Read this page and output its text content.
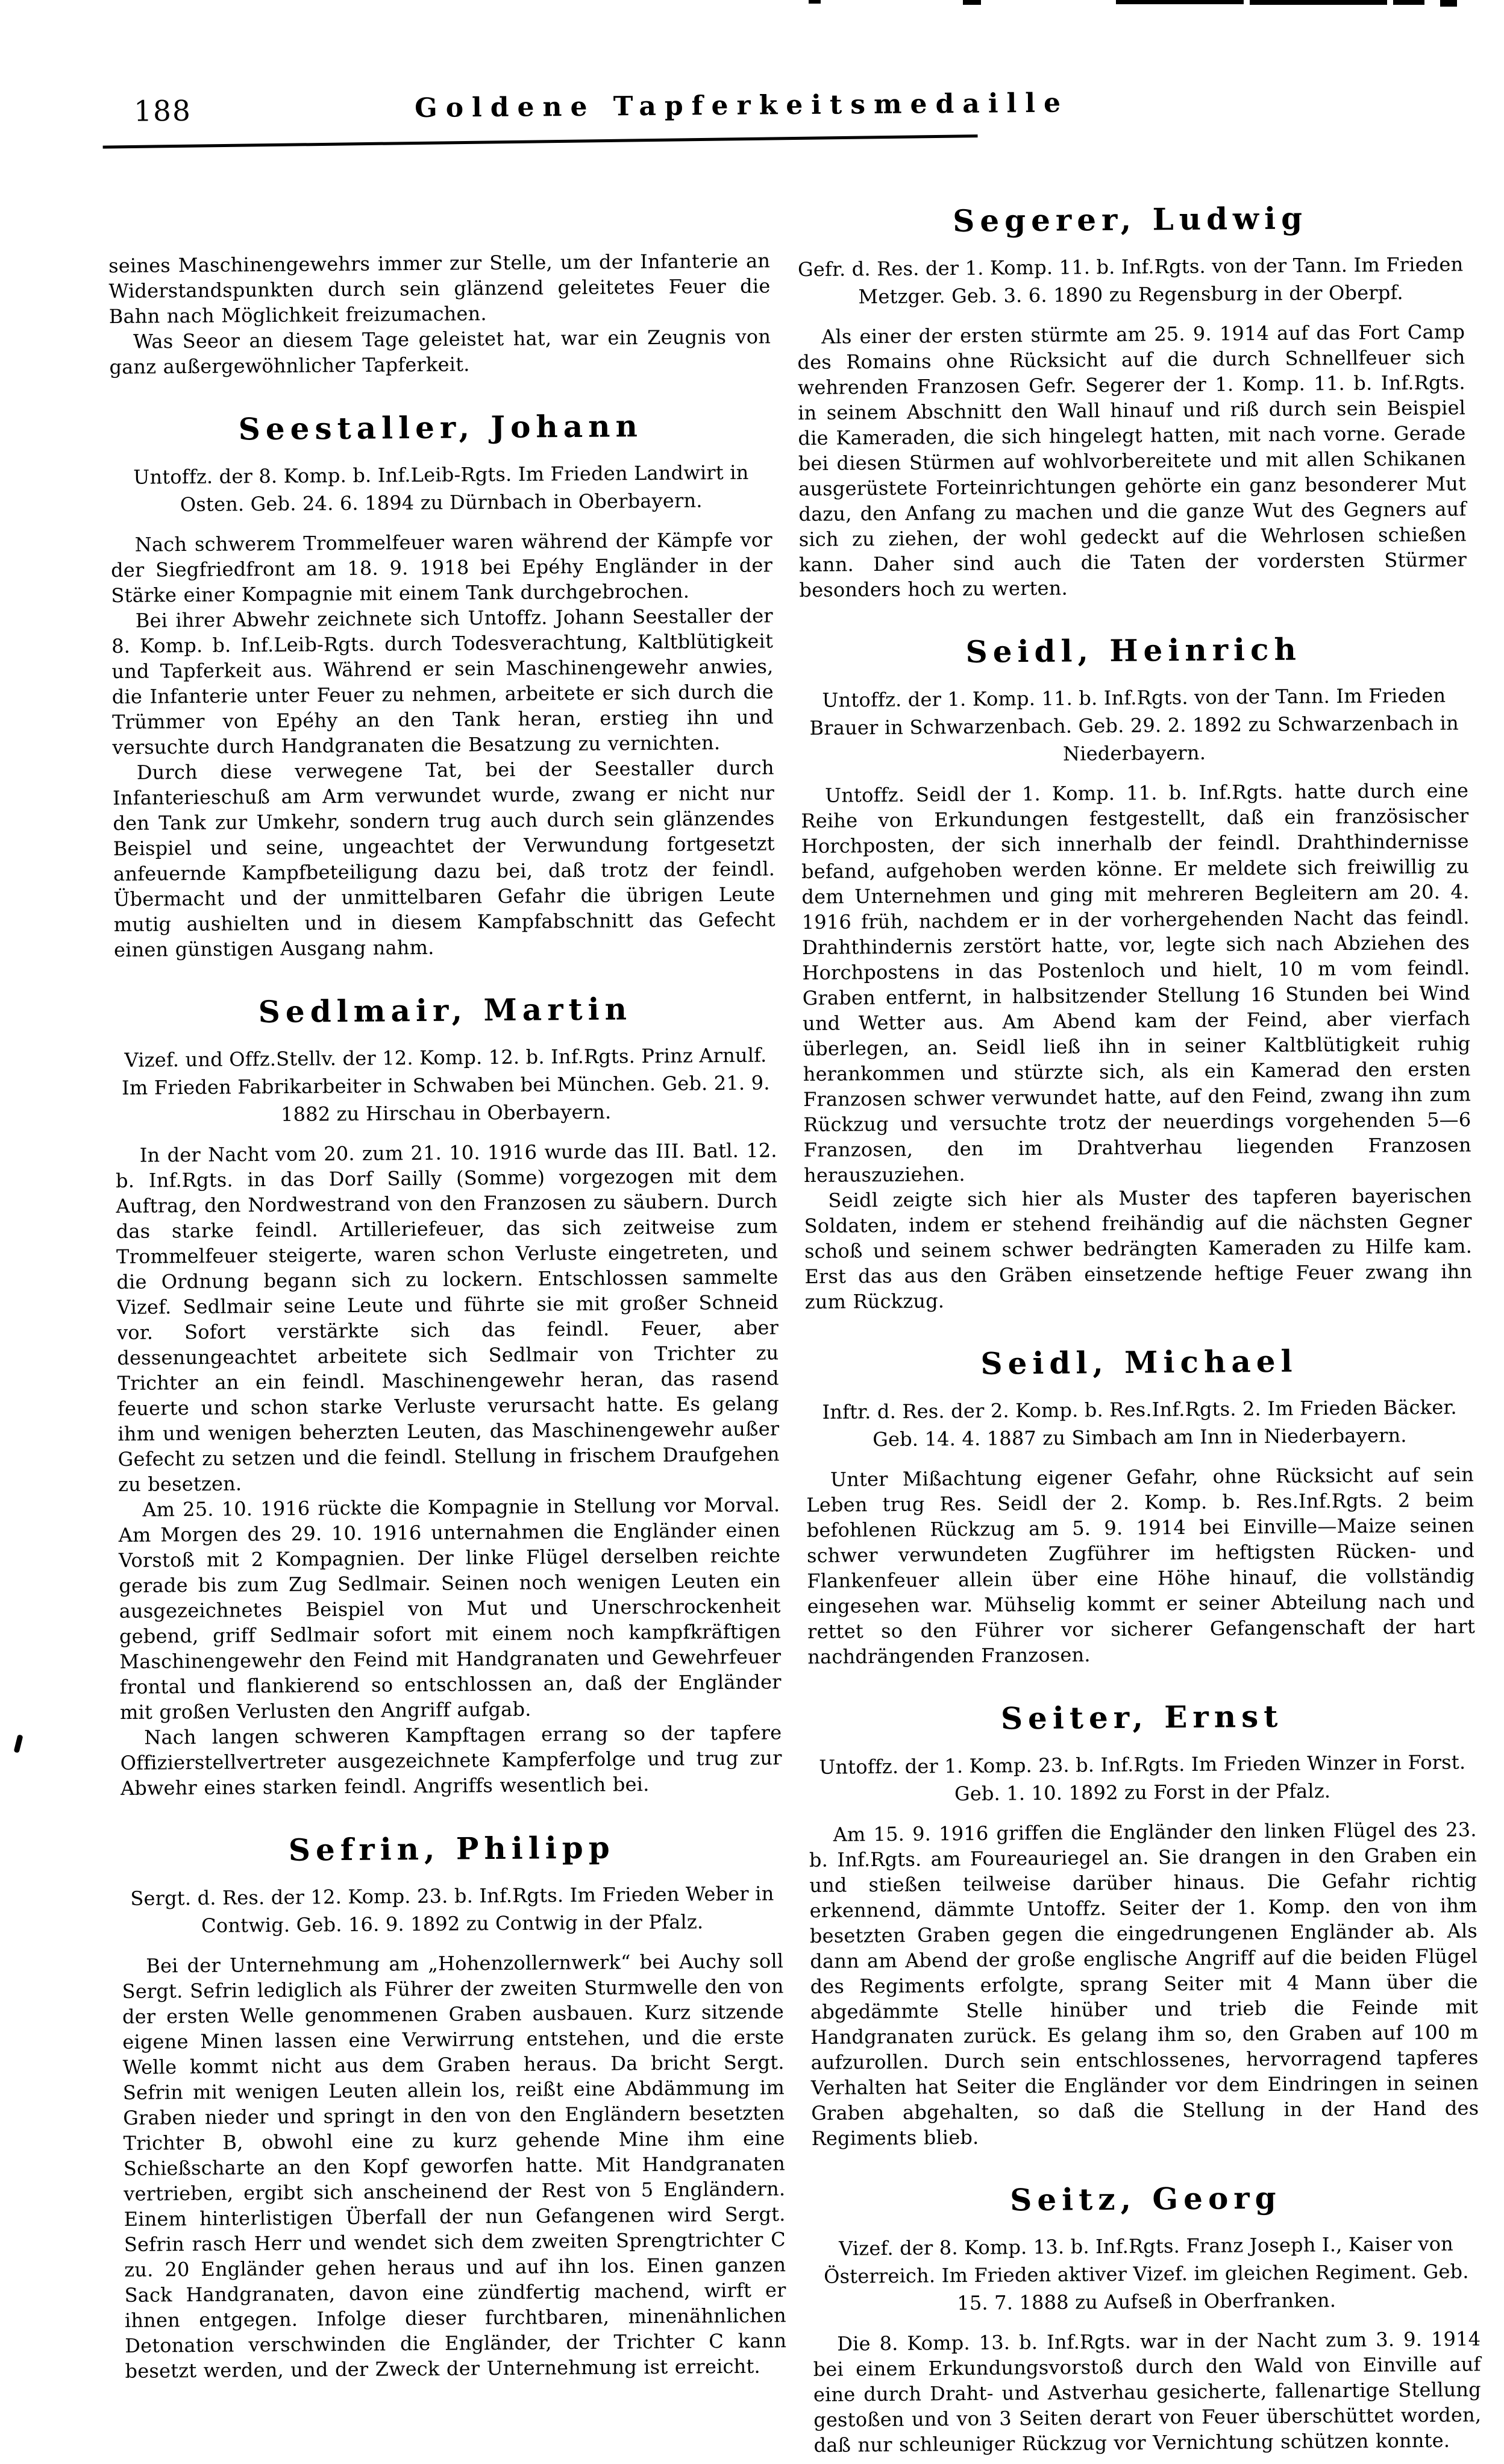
188	Goldene Tapferkeitsmedaille

seines Maschinengewehrs immer zur Stelle, um der Infanterie an Widerstandspunkten durch sein glänzend geleitetes Feuer die Bahn nach Möglichkeit freizumachen.

Was Seeor an diesem Tage geleistet hat, war ein Zeugnis von ganz außergewöhnlicher Tapferkeit.

Seestaller, Johann

Untoffz. der 8. Komp. b. Inf.Leib-Rgts. Im Frieden Landwirt in Osten. Geb. 24. 6. 1894 zu Dürnbach in Oberbayern.

Nach schwerem Trommelfeuer waren während der Kämpfe vor der Siegfriedfront am 18. 9. 1918 bei Epéhy Engländer in der Stärke einer Kompagnie mit einem Tank durchgebrochen.

Bei ihrer Abwehr zeichnete sich Untoffz. Johann Seestaller der 8. Komp. b. Inf.Leib-Rgts. durch Todesverachtung, Kaltblütigkeit und Tapferkeit aus. Während er sein Maschinengewehr anwies, die Infanterie unter Feuer zu nehmen, arbeitete er sich durch die Trümmer von Epéhy an den Tank heran, erstieg ihn und versuchte durch Handgranaten die Besatzung zu vernichten.

Durch diese verwegene Tat, bei der Seestaller durch Infanterieschuß am Arm verwundet wurde, zwang er nicht nur den Tank zur Umkehr, sondern trug auch durch sein glänzendes Beispiel und seine, ungeachtet der Verwundung fortgesetzt anfeuernde Kampfbeteiligung dazu bei, daß trotz der feindl. Übermacht und der unmittelbaren Gefahr die übrigen Leute mutig aushielten und in diesem Kampfabschnitt das Gefecht einen günstigen Ausgang nahm.

Sedlmair, Martin

Vizef. und Offz.Stellv. der 12. Komp. 12. b. Inf.Rgts. Prinz Arnulf. Im Frieden Fabrikarbeiter in Schwaben bei München. Geb. 21. 9. 1882 zu Hirschau in Oberbayern.

In der Nacht vom 20. zum 21. 10. 1916 wurde das III. Batl. 12. b. Inf.Rgts. in das Dorf Sailly (Somme) vorgezogen mit dem Auftrag, den Nordwestrand von den Franzosen zu säubern. Durch das starke feindl. Artilleriefeuer, das sich zeitweise zum Trommelfeuer steigerte, waren schon Verluste eingetreten, und die Ordnung begann sich zu lockern. Entschlossen sammelte Vizef. Sedlmair seine Leute und führte sie mit großer Schneid vor. Sofort verstärkte sich das feindl. Feuer, aber dessenungeachtet arbeitete sich Sedlmair von Trichter zu Trichter an ein feindl. Maschinengewehr heran, das rasend feuerte und schon starke Verluste verursacht hatte. Es gelang ihm und wenigen beherzten Leuten, das Maschinengewehr außer Gefecht zu setzen und die feindl. Stellung in frischem Draufgehen zu besetzen.

Am 25. 10. 1916 rückte die Kompagnie in Stellung vor Morval. Am Morgen des 29. 10. 1916 unternahmen die Engländer einen Vorstoß mit 2 Kompagnien. Der linke Flügel derselben reichte gerade bis zum Zug Sedlmair. Seinen noch wenigen Leuten ein ausgezeichnetes Beispiel von Mut und Unerschrockenheit gebend, griff Sedlmair sofort mit einem noch kampfkräftigen Maschinengewehr den Feind mit Handgranaten und Gewehrfeuer frontal und flankierend so entschlossen an, daß der Engländer mit großen Verlusten den Angriff aufgab.

Nach langen schweren Kampftagen errang so der tapfere Offizierstellvertreter ausgezeichnete Kampferfolge und trug zur Abwehr eines starken feindl. Angriffs wesentlich bei.

Sefrin, Philipp

Sergt. d. Res. der 12. Komp. 23. b. Inf.Rgts. Im Frieden Weber in Contwig. Geb. 16. 9. 1892 zu Contwig in der Pfalz.

Bei der Unternehmung am „Hohenzollernwerk“ bei Auchy soll Sergt. Sefrin lediglich als Führer der zweiten Sturmwelle den von der ersten Welle genommenen Graben ausbauen. Kurz sitzende eigene Minen lassen eine Verwirrung entstehen, und die erste Welle kommt nicht aus dem Graben heraus. Da bricht Sergt. Sefrin mit wenigen Leuten allein los, reißt eine Abdämmung im Graben nieder und springt in den von den Engländern besetzten Trichter B, obwohl eine zu kurz gehende Mine ihm eine Schießscharte an den Kopf geworfen hatte. Mit Handgranaten vertrieben, ergibt sich anscheinend der Rest von 5 Engländern. Einem hinterlistigen Überfall der nun Gefangenen wird Sergt. Sefrin rasch Herr und wendet sich dem zweiten Sprengtrichter C zu. 20 Engländer gehen heraus und auf ihn los. Einen ganzen Sack Handgranaten, davon eine zündfertig machend, wirft er ihnen entgegen. Infolge dieser furchtbaren, minenähnlichen Detonation verschwinden die Engländer, der Trichter C kann besetzt werden, und der Zweck der Unternehmung ist erreicht.

Segerer, Ludwig

Gefr. d. Res. der 1. Komp. 11. b. Inf.Rgts. von der Tann. Im Frieden Metzger. Geb. 3. 6. 1890 zu Regensburg in der Oberpf.

Als einer der ersten stürmte am 25. 9. 1914 auf das Fort Camp des Romains ohne Rücksicht auf die durch Schnellfeuer sich wehrenden Franzosen Gefr. Segerer der 1. Komp. 11. b. Inf.Rgts. in seinem Abschnitt den Wall hinauf und riß durch sein Beispiel die Kameraden, die sich hingelegt hatten, mit nach vorne. Gerade bei diesen Stürmen auf wohlvorbereitete und mit allen Schikanen ausgerüstete Forteinrichtungen gehörte ein ganz besonderer Mut dazu, den Anfang zu machen und die ganze Wut des Gegners auf sich zu ziehen, der wohl gedeckt auf die Wehrlosen schießen kann. Daher sind auch die Taten der vordersten Stürmer besonders hoch zu werten.

Seidl, Heinrich

Untoffz. der 1. Komp. 11. b. Inf.Rgts. von der Tann. Im Frieden Brauer in Schwarzenbach. Geb. 29. 2. 1892 zu Schwarzenbach in Niederbayern.

Untoffz. Seidl der 1. Komp. 11. b. Inf.Rgts. hatte durch eine Reihe von Erkundungen festgestellt, daß ein französischer Horchposten, der sich innerhalb der feindl. Drahthindernisse befand, aufgehoben werden könne. Er meldete sich freiwillig zu dem Unternehmen und ging mit mehreren Begleitern am 20. 4. 1916 früh, nachdem er in der vorhergehenden Nacht das feindl. Drahthindernis zerstört hatte, vor, legte sich nach Abziehen des Horchpostens in das Postenloch und hielt, 10 m vom feindl. Graben entfernt, in halbsitzender Stellung 16 Stunden bei Wind und Wetter aus. Am Abend kam der Feind, aber vierfach überlegen, an. Seidl ließ ihn in seiner Kaltblütigkeit ruhig herankommen und stürzte sich, als ein Kamerad den ersten Franzosen schwer verwundet hatte, auf den Feind, zwang ihn zum Rückzug und versuchte trotz der neuerdings vorgehenden 5—6 Franzosen, den im Drahtverhau liegenden Franzosen herauszuziehen.

Seidl zeigte sich hier als Muster des tapferen bayerischen Soldaten, indem er stehend freihändig auf die nächsten Gegner schoß und seinem schwer bedrängten Kameraden zu Hilfe kam. Erst das aus den Gräben einsetzende heftige Feuer zwang ihn zum Rückzug.

Seidl, Michael

Inftr. d. Res. der 2. Komp. b. Res.Inf.Rgts. 2. Im Frieden Bäcker. Geb. 14. 4. 1887 zu Simbach am Inn in Niederbayern.

Unter Mißachtung eigener Gefahr, ohne Rücksicht auf sein Leben trug Res. Seidl der 2. Komp. b. Res.Inf.Rgts. 2 beim befohlenen Rückzug am 5. 9. 1914 bei Einville—Maize seinen schwer verwundeten Zugführer im heftigsten Rücken- und Flankenfeuer allein über eine Höhe hinauf, die vollständig eingesehen war. Mühselig kommt er seiner Abteilung nach und rettet so den Führer vor sicherer Gefangenschaft der hart nachdrängenden Franzosen.

Seiter, Ernst

Untoffz. der 1. Komp. 23. b. Inf.Rgts. Im Frieden Winzer in Forst. Geb. 1. 10. 1892 zu Forst in der Pfalz.

Am 15. 9. 1916 griffen die Engländer den linken Flügel des 23. b. Inf.Rgts. am Foureauriegel an. Sie drangen in den Graben ein und stießen teilweise darüber hinaus. Die Gefahr richtig erkennend, dämmte Untoffz. Seiter der 1. Komp. den von ihm besetzten Graben gegen die eingedrungenen Engländer ab. Als dann am Abend der große englische Angriff auf die beiden Flügel des Regiments erfolgte, sprang Seiter mit 4 Mann über die abgedämmte Stelle hinüber und trieb die Feinde mit Handgranaten zurück. Es gelang ihm so, den Graben auf 100 m aufzurollen. Durch sein entschlossenes, hervorragend tapferes Verhalten hat Seiter die Engländer vor dem Eindringen in seinen Graben abgehalten, so daß die Stellung in der Hand des Regiments blieb.

Seitz, Georg

Vizef. der 8. Komp. 13. b. Inf.Rgts. Franz Joseph I., Kaiser von Österreich. Im Frieden aktiver Vizef. im gleichen Regiment. Geb. 15. 7. 1888 zu Aufseß in Oberfranken.

Die 8. Komp. 13. b. Inf.Rgts. war in der Nacht zum 3. 9. 1914 bei einem Erkundungsvorstoß durch den Wald von Einville auf eine durch Draht- und Astverhau gesicherte, fallenartige Stellung gestoßen und von 3 Seiten derart von Feuer überschüttet worden, daß nur schleuniger Rückzug vor Vernichtung schützen konnte.
